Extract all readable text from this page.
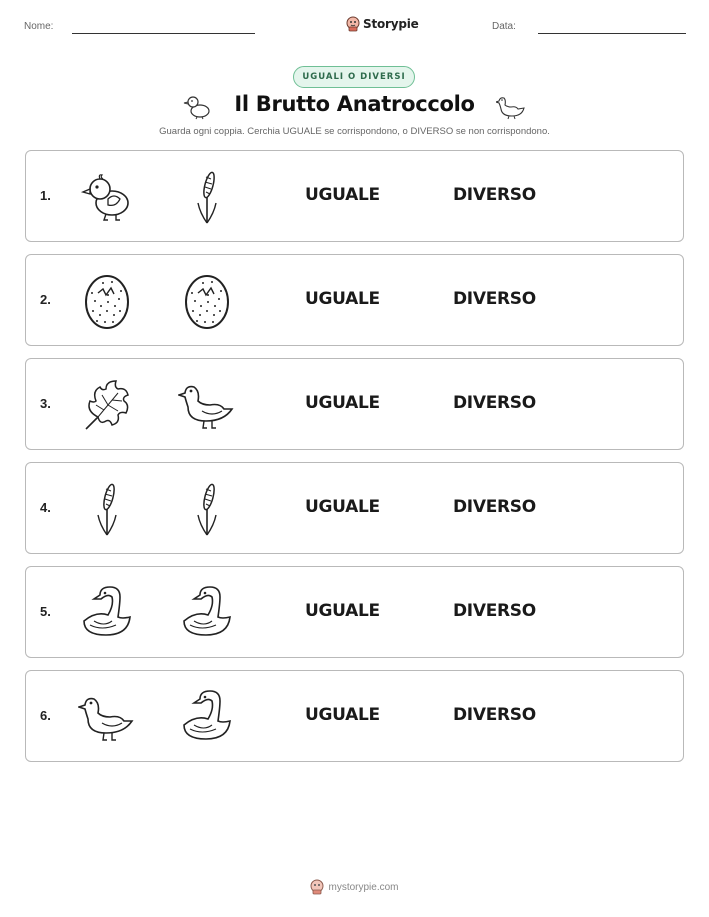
Nome:	Storypie	Data:
UGUALI O DIVERSI
Il Brutto Anatroccolo
Guarda ogni coppia. Cerchia UGUALE se corrispondono, o DIVERSO se non corrispondono.
1.	UGUALE	DIVERSO
2.	UGUALE	DIVERSO
3.	UGUALE	DIVERSO
4.	UGUALE	DIVERSO
5.	UGUALE	DIVERSO
6.	UGUALE	DIVERSO
mystorypie.com
